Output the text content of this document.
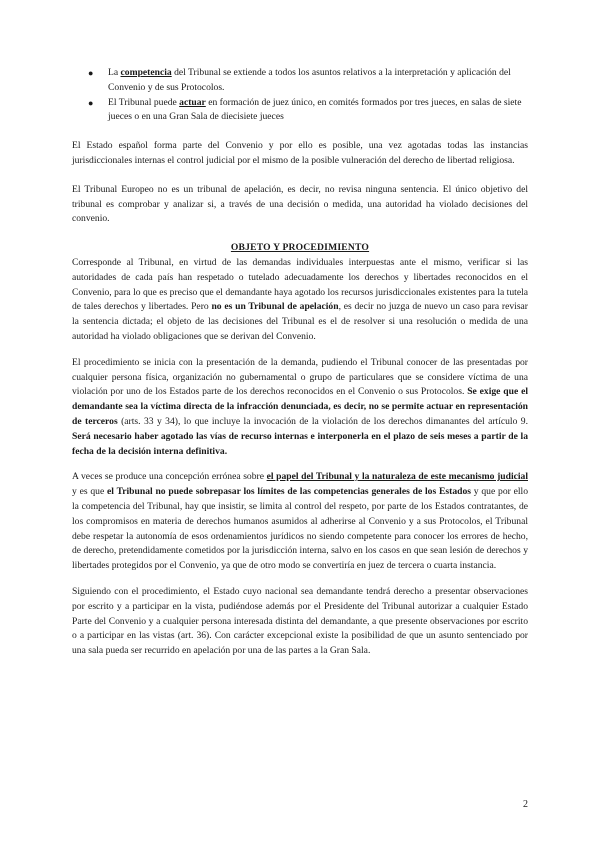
● La competencia del Tribunal se extiende a todos los asuntos relativos a la interpretación y aplicación del Convenio y de sus Protocolos.
● El Tribunal puede actuar en formación de juez único, en comités formados por tres jueces, en salas de siete jueces o en una Gran Sala de diecisiete jueces

El Estado español forma parte del Convenio y por ello es posible, una vez agotadas todas las instancias jurisdiccionales internas el control judicial por el mismo de la posible vulneración del derecho de libertad religiosa.

El Tribunal Europeo no es un tribunal de apelación, es decir, no revisa ninguna sentencia. El único objetivo del tribunal es comprobar y analizar si, a través de una decisión o medida, una autoridad ha violado decisiones del convenio.

OBJETO Y PROCEDIMIENTO

Corresponde al Tribunal, en virtud de las demandas individuales interpuestas ante el mismo, verificar si las autoridades de cada país han respetado o tutelado adecuadamente los derechos y libertades reconocidos en el Convenio, para lo que es preciso que el demandante haya agotado los recursos jurisdiccionales existentes para la tutela de tales derechos y libertades. Pero no es un Tribunal de apelación, es decir no juzga de nuevo un caso para revisar la sentencia dictada; el objeto de las decisiones del Tribunal es el de resolver si una resolución o medida de una autoridad ha violado obligaciones que se derivan del Convenio.

El procedimiento se inicia con la presentación de la demanda, pudiendo el Tribunal conocer de las presentadas por cualquier persona física, organización no gubernamental o grupo de particulares que se considere víctima de una violación por uno de los Estados parte de los derechos reconocidos en el Convenio o sus Protocolos. Se exige que el demandante sea la víctima directa de la infracción denunciada, es decir, no se permite actuar en representación de terceros (arts. 33 y 34), lo que incluye la invocación de la violación de los derechos dimanantes del artículo 9. Será necesario haber agotado las vías de recurso internas e interponerla en el plazo de seis meses a partir de la fecha de la decisión interna definitiva.

A veces se produce una concepción errónea sobre el papel del Tribunal y la naturaleza de este mecanismo judicial y es que el Tribunal no puede sobrepasar los límites de las competencias generales de los Estados y que por ello la competencia del Tribunal, hay que insistir, se limita al control del respeto, por parte de los Estados contratantes, de los compromisos en materia de derechos humanos asumidos al adherirse al Convenio y a sus Protocolos, el Tribunal debe respetar la autonomía de esos ordenamientos jurídicos no siendo competente para conocer los errores de hecho, de derecho, pretendidamente cometidos por la jurisdicción interna, salvo en los casos en que sean lesión de derechos y libertades protegidos por el Convenio, ya que de otro modo se convertiría en juez de tercera o cuarta instancia.

Siguiendo con el procedimiento, el Estado cuyo nacional sea demandante tendrá derecho a presentar observaciones por escrito y a participar en la vista, pudiéndose además por el Presidente del Tribunal autorizar a cualquier Estado Parte del Convenio y a cualquier persona interesada distinta del demandante, a que presente observaciones por escrito o a participar en las vistas (art. 36). Con carácter excepcional existe la posibilidad de que un asunto sentenciado por una sala pueda ser recurrido en apelación por una de las partes a la Gran Sala.

2
